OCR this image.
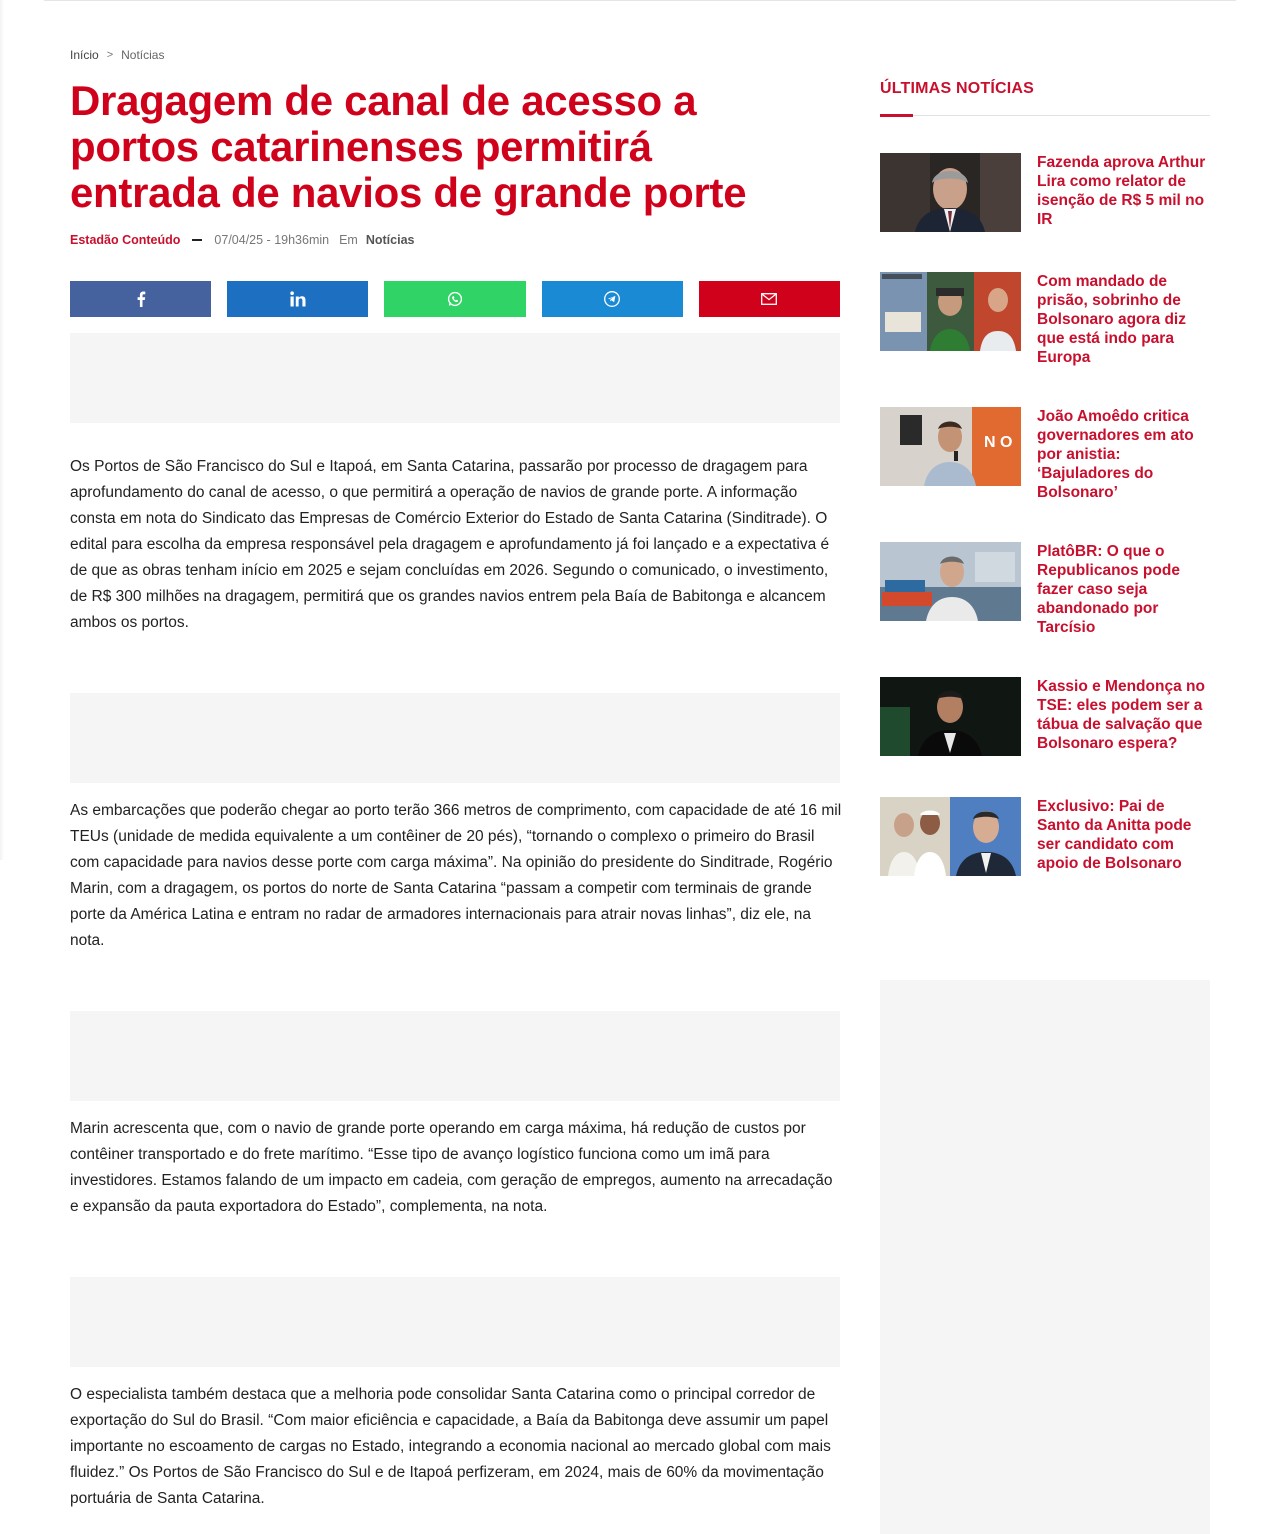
Início > Notícias
Dragagem de canal de acesso a portos catarinenses permitirá entrada de navios de grande porte
Estadão Conteúdo	07/04/25 - 19h36min Em Notícias

Os Portos de São Francisco do Sul e Itapoá, em Santa Catarina, passarão por processo de dragagem para aprofundamento do canal de acesso, o que permitirá a operação de navios de grande porte. A informação consta em nota do Sindicato das Empresas de Comércio Exterior do Estado de Santa Catarina (Sinditrade). O edital para escolha da empresa responsável pela dragagem e aprofundamento já foi lançado e a expectativa é de que as obras tenham início em 2025 e sejam concluídas em 2026. Segundo o comunicado, o investimento, de R$ 300 milhões na dragagem, permitirá que os grandes navios entrem pela Baía de Babitonga e alcancem ambos os portos.

As embarcações que poderão chegar ao porto terão 366 metros de comprimento, com capacidade de até 16 mil TEUs (unidade de medida equivalente a um contêiner de 20 pés), “tornando o complexo o primeiro do Brasil com capacidade para navios desse porte com carga máxima”. Na opinião do presidente do Sinditrade, Rogério Marin, com a dragagem, os portos do norte de Santa Catarina “passam a competir com terminais de grande porte da América Latina e entram no radar de armadores internacionais para atrair novas linhas”, diz ele, na nota.

Marin acrescenta que, com o navio de grande porte operando em carga máxima, há redução de custos por contêiner transportado e do frete marítimo. “Esse tipo de avanço logístico funciona como um imã para investidores. Estamos falando de um impacto em cadeia, com geração de empregos, aumento na arrecadação e expansão da pauta exportadora do Estado”, complementa, na nota.

O especialista também destaca que a melhoria pode consolidar Santa Catarina como o principal corredor de exportação do Sul do Brasil. “Com maior eficiência e capacidade, a Baía da Babitonga deve assumir um papel importante no escoamento de cargas no Estado, integrando a economia nacional ao mercado global com mais fluidez.” Os Portos de São Francisco do Sul e de Itapoá perfizeram, em 2024, mais de 60% da movimentação portuária de Santa Catarina.

ÚLTIMAS NOTÍCIAS
Fazenda aprova Arthur Lira como relator de isenção de R$ 5 mil no IR
Com mandado de prisão, sobrinho de Bolsonaro agora diz que está indo para Europa
N O
João Amoêdo critica governadores em ato por anistia: ‘Bajuladores do Bolsonaro’
PlatôBR: O que o Republicanos pode fazer caso seja abandonado por Tarcísio
Kassio e Mendonça no TSE: eles podem ser a tábua de salvação que Bolsonaro espera?
Exclusivo: Pai de Santo da Anitta pode ser candidato com apoio de Bolsonaro
